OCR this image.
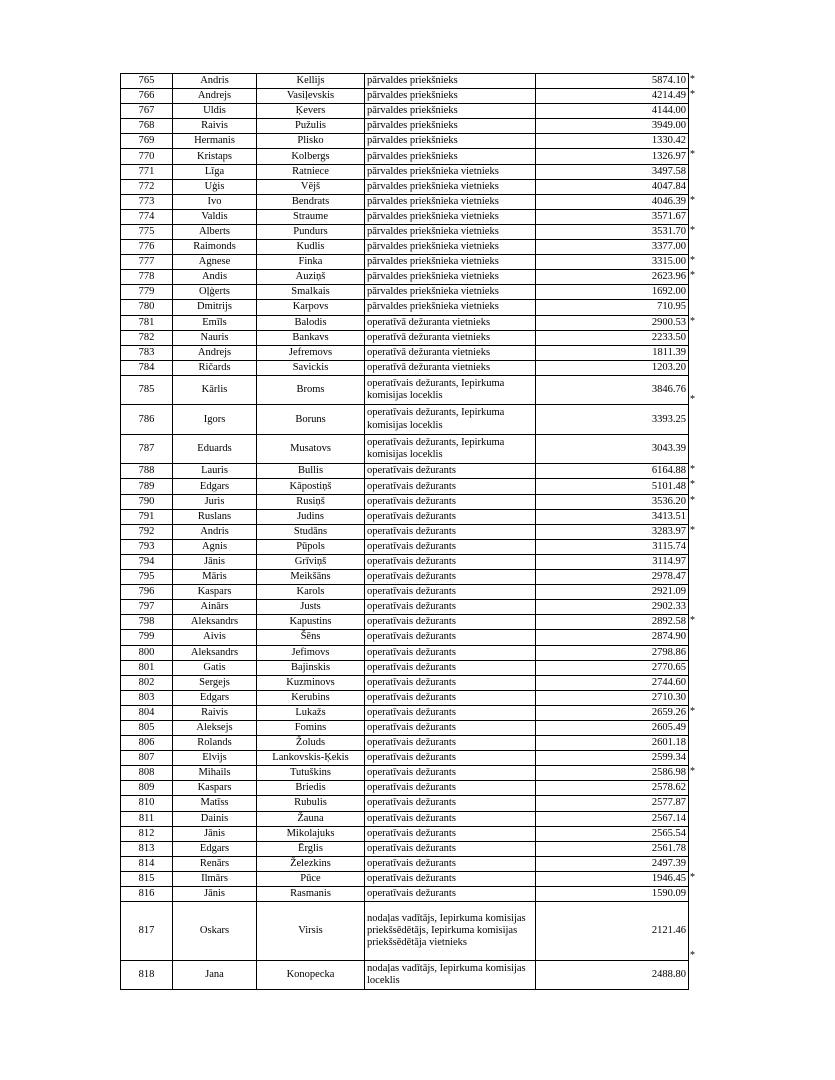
765	Andris	Kellijs	pārvaldes priekšnieks	5874.10 *

766	Andrejs	Vasiļevskis	pārvaldes priekšnieks	4214.49 *

767	Uldis	Ķevers	pārvaldes priekšnieks	4144.00
768	Raivis	Pužulis	pārvaldes priekšnieks	3949.00
769	Hermanis	Plisko	pārvaldes priekšnieks	1330.42
770	Kristaps	Kolbergs	pārvaldes priekšnieks	1326.97 *

771	Līga	Ratniece	pārvaldes priekšnieka vietnieks	3497.58
772	Uģis	Vējš	pārvaldes priekšnieka vietnieks	4047.84
773	Ivo	Bendrats	pārvaldes priekšnieka vietnieks	4046.39 *

774	Valdis	Straume	pārvaldes priekšnieka vietnieks	3571.67
775	Alberts	Pundurs	pārvaldes priekšnieka vietnieks	3531.70 *

776	Raimonds	Kudlis	pārvaldes priekšnieka vietnieks	3377.00
777	Agnese	Finka	pārvaldes priekšnieka vietnieks	3315.00 *

778	Andis	Auziņš	pārvaldes priekšnieka vietnieks	2623.96 *

779	Oļģerts	Smalkais	pārvaldes priekšnieka vietnieks	1692.00
780	Dmitrijs	Karpovs	pārvaldes priekšnieka vietnieks	710.95
781	Emīls	Balodis	operatīvā dežuranta vietnieks	2900.53 *

782	Nauris	Bankavs	operatīvā dežuranta vietnieks	2233.50
783	Andrejs	Jefremovs	operatīvā dežuranta vietnieks	1811.39
784	Ričards	Savickis	operatīvā dežuranta vietnieks	1203.20
785	Kārlis	Broms	operatīvais dežurants, Iepirkuma komisijas loceklis	3846.76
*

786	Igors	Boruns	operatīvais dežurants, Iepirkuma komisijas loceklis	3393.25
787	Eduards	Musatovs	operatīvais dežurants, Iepirkuma komisijas loceklis	3043.39
788	Lauris	Bullis	operatīvais dežurants	6164.88 *

789	Edgars	Kāpostiņš	operatīvais dežurants	5101.48 *

790	Juris	Rusiņš	operatīvais dežurants	3536.20 *

791	Ruslans	Judins	operatīvais dežurants	3413.51
792	Andris	Studāns	operatīvais dežurants	3283.97 *

793	Agnis	Pūpols	operatīvais dežurants	3115.74
794	Jānis	Grīviņš	operatīvais dežurants	3114.97
795	Māris	Meikšāns	operatīvais dežurants	2978.47
796	Kaspars	Karols	operatīvais dežurants	2921.09
797	Ainārs	Justs	operatīvais dežurants	2902.33
798	Aleksandrs	Kapustins	operatīvais dežurants	2892.58 *

799	Aivis	Šēns	operatīvais dežurants	2874.90
800	Aleksandrs	Jefimovs	operatīvais dežurants	2798.86
801	Gatis	Bajinskis	operatīvais dežurants	2770.65
802	Sergejs	Kuzminovs	operatīvais dežurants	2744.60
803	Edgars	Kerubins	operatīvais dežurants	2710.30
804	Raivis	Lukažs	operatīvais dežurants	2659.26 *

805	Aleksejs	Fomins	operatīvais dežurants	2605.49
806	Rolands	Žoluds	operatīvais dežurants	2601.18
807	Elvijs	Lankovskis-Ķekis	operatīvais dežurants	2599.34
808	Mihails	Tutuškins	operatīvais dežurants	2586.98 *

809	Kaspars	Briedis	operatīvais dežurants	2578.62
810	Matīss	Rubulis	operatīvais dežurants	2577.87
811	Dainis	Žauna	operatīvais dežurants	2567.14
812	Jānis	Mikolajuks	operatīvais dežurants	2565.54
813	Edgars	Ērglis	operatīvais dežurants	2561.78
814	Renārs	Železkins	operatīvais dežurants	2497.39
815	Ilmārs	Pūce	operatīvais dežurants	1946.45 *

816	Jānis	Rasmanis	operatīvais dežurants	1590.09
817	Oskars	Virsis	nodaļas vadītājs, Iepirkuma komisijas priekšsēdētājs, Iepirkuma komisijas priekšsēdētāja vietnieks	2121.46
*

818	Jana	Konopecka	nodaļas vadītājs, Iepirkuma komisijas loceklis	2488.80
